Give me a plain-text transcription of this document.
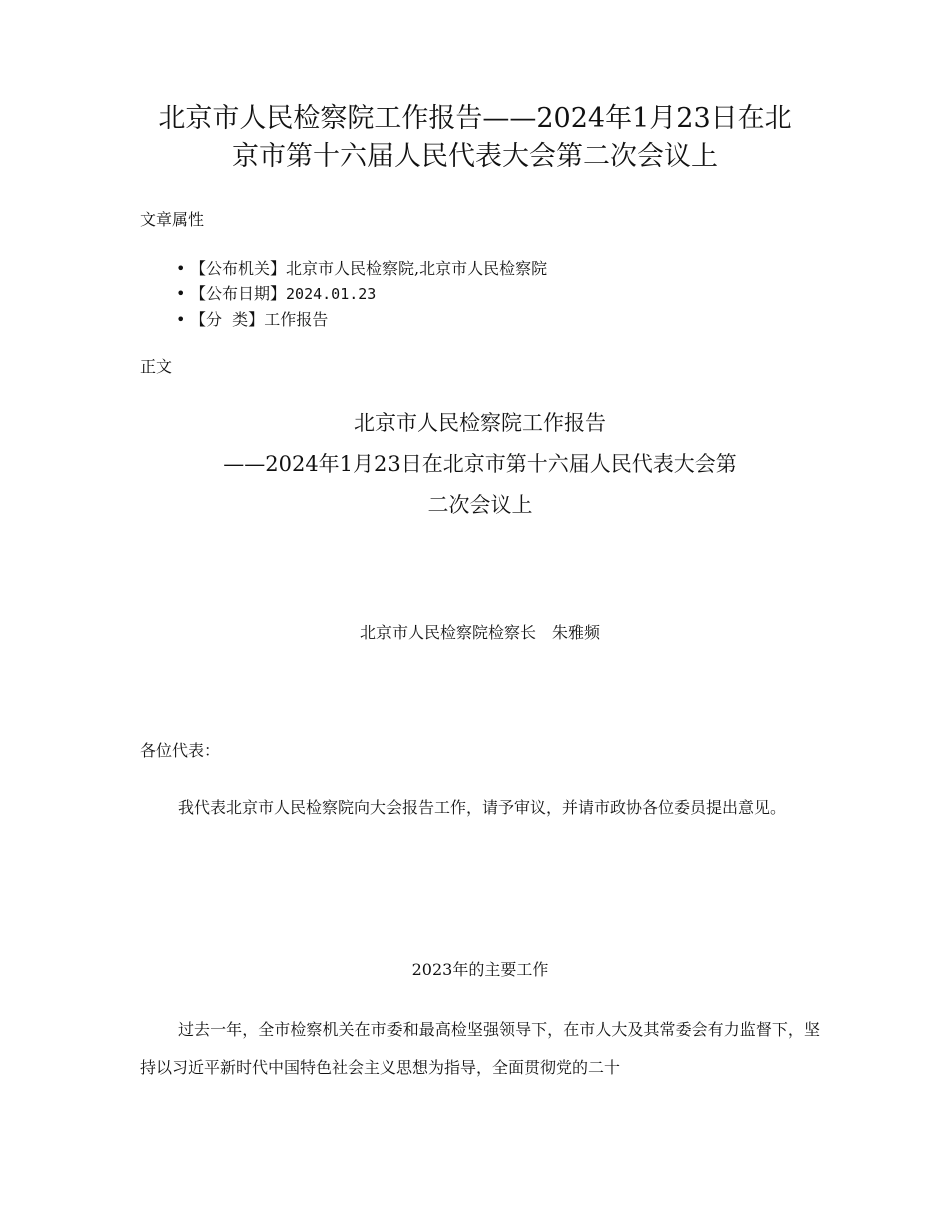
北京市人民检察院工作报告——2024年1月23日在北
京市第十六届人民代表大会第二次会议上
文章属性
• 【公布机关】北京市人民检察院,北京市人民检察院
• 【公布日期】2024.01.23
• 【分  类】工作报告
正文
北京市人民检察院工作报告
——2024年1月23日在北京市第十六届人民代表大会第
二次会议上
北京市人民检察院检察长　朱雅频
各位代表：

我代表北京市人民检察院向大会报告工作，请予审议，并请市政协各位委员提出意见。

2023年的主要工作

过去一年，全市检察机关在市委和最高检坚强领导下，在市人大及其常委会有力监督下，坚持以习近平新时代中国特色社会主义思想为指导，全面贯彻党的二十
